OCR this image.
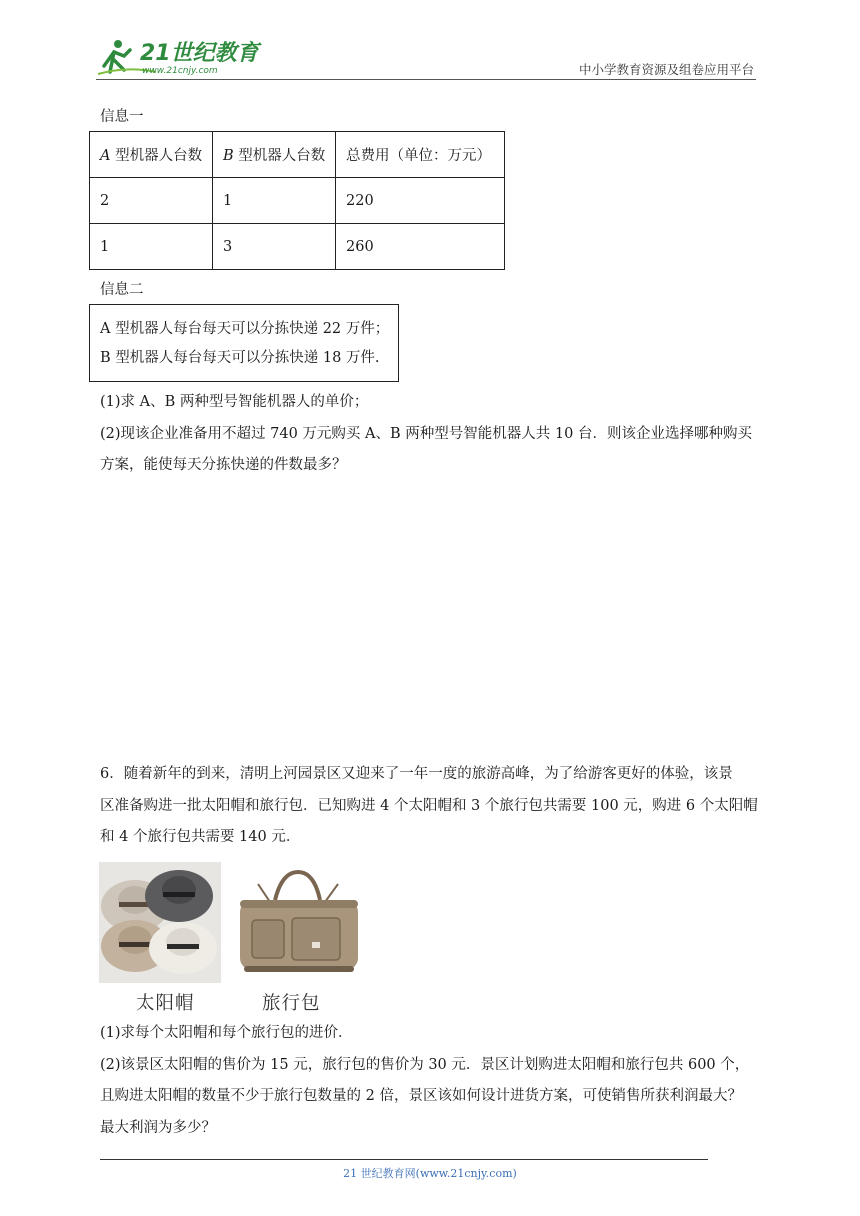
21世纪教育
www.21cnjy.com	中小学教育资源及组卷应用平台
信息一
A 型机器人台数	B 型机器人台数	总费用（单位：万元）
2	1	220
1	3	260
信息二
A 型机器人每台每天可以分拣快递 22 万件；
B 型机器人每台每天可以分拣快递 18 万件.
(1)求 A、B 两种型号智能机器人的单价；
(2)现该企业准备用不超过 740 万元购买 A、B 两种型号智能机器人共 10 台．则该企业选择哪种购买
方案，能使每天分拣快递的件数最多？
6．随着新年的到来，清明上河园景区又迎来了一年一度的旅游高峰，为了给游客更好的体验，该景
区准备购进一批太阳帽和旅行包．已知购进 4 个太阳帽和 3 个旅行包共需要 100 元，购进 6 个太阳帽
和 4 个旅行包共需要 140 元．
太阳帽	旅行包
(1)求每个太阳帽和每个旅行包的进价．
(2)该景区太阳帽的售价为 15 元，旅行包的售价为 30 元．景区计划购进太阳帽和旅行包共 600 个，
且购进太阳帽的数量不少于旅行包数量的 2 倍，景区该如何设计进货方案，可使销售所获利润最大？
最大利润为多少？
21 世纪教育网(www.21cnjy.com)
